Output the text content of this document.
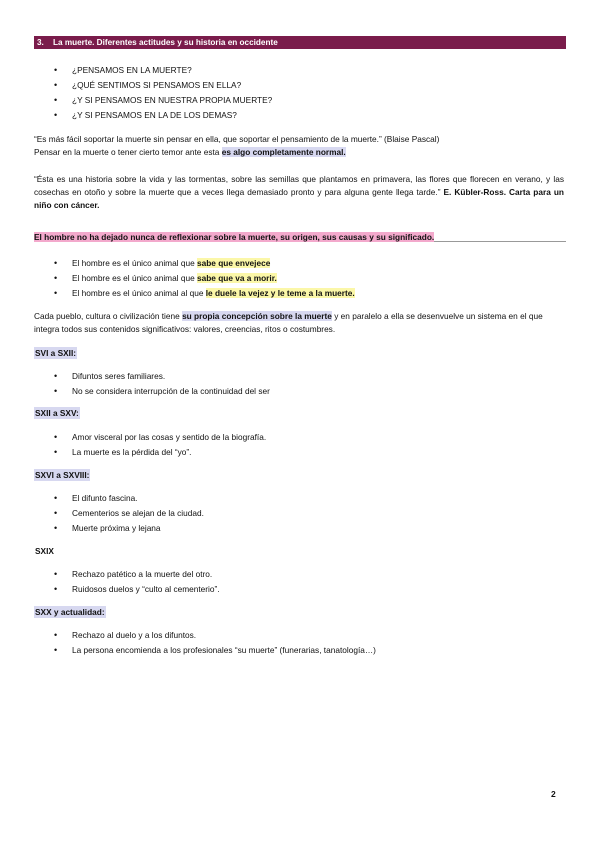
3. La muerte. Diferentes actitudes y su historia en occidente
• ¿PENSAMOS EN LA MUERTE?
• ¿QUÉ SENTIMOS SI PENSAMOS EN ELLA?
• ¿Y SI PENSAMOS EN NUESTRA PROPIA MUERTE?
• ¿Y SI PENSAMOS EN LA DE LOS DEMAS?
“Es más fácil soportar la muerte sin pensar en ella, que soportar el pensamiento de la muerte.” (Blaise Pascal)
Pensar en la muerte o tener cierto temor ante esta es algo completamente normal.
“Ésta es una historia sobre la vida y las tormentas, sobre las semillas que plantamos en primavera, las flores que florecen en verano, y las cosechas en otoño y sobre la muerte que a veces llega demasiado pronto y para alguna gente llega tarde.” E. Kübler-Ross. Carta para un niño con cáncer.
El hombre no ha dejado nunca de reflexionar sobre la muerte, su origen, sus causas y su significado.
• El hombre es el único animal que sabe que envejece
• El hombre es el único animal que sabe que va a morir.
• El hombre es el único animal al que le duele la vejez y le teme a la muerte.
Cada pueblo, cultura o civilización tiene su propia concepción sobre la muerte y en paralelo a ella se desenvuelve un sistema en el que integra todos sus contenidos significativos: valores, creencias, ritos o costumbres.
SVI a SXII:
• Difuntos seres familiares.
• No se considera interrupción de la continuidad del ser
SXII a SXV:
• Amor visceral por las cosas y sentido de la biografía.
• La muerte es la pérdida del “yo”.
SXVI a SXVIII:
• El difunto fascina.
• Cementerios se alejan de la ciudad.
• Muerte próxima y lejana
SXIX
• Rechazo patético a la muerte del otro.
• Ruidosos duelos y “culto al cementerio”.
SXX y actualidad:
• Rechazo al duelo y a los difuntos.
• La persona encomienda a los profesionales “su muerte” (funerarias, tanatología…)
2
